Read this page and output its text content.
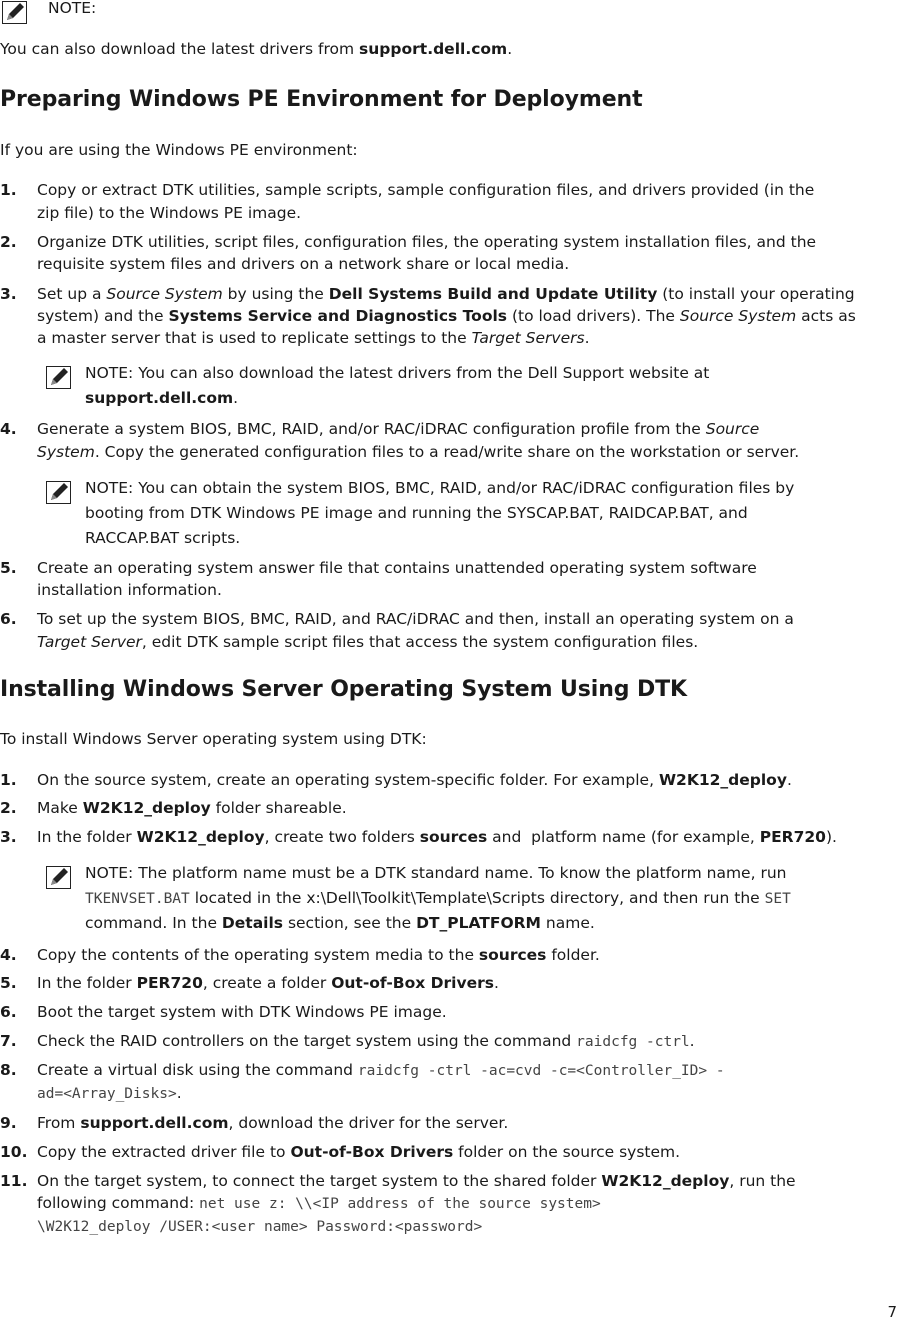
NOTE:

You can also download the latest drivers from support.dell.com.

Preparing Windows PE Environment for Deployment

If you are using the Windows PE environment:

1. Copy or extract DTK utilities, sample scripts, sample configuration files, and drivers provided (in the
zip file) to the Windows PE image.
2. Organize DTK utilities, script files, configuration files, the operating system installation files, and the
requisite system files and drivers on a network share or local media.
3. Set up a Source System by using the Dell Systems Build and Update Utility (to install your operating
system) and the Systems Service and Diagnostics Tools (to load drivers). The Source System acts as
a master server that is used to replicate settings to the Target Servers.
NOTE: You can also download the latest drivers from the Dell Support website at
support.dell.com.
4. Generate a system BIOS, BMC, RAID, and/or RAC/iDRAC configuration profile from the Source
System. Copy the generated configuration files to a read/write share on the workstation or server.
NOTE: You can obtain the system BIOS, BMC, RAID, and/or RAC/iDRAC configuration files by
booting from DTK Windows PE image and running the SYSCAP.BAT, RAIDCAP.BAT, and
RACCAP.BAT scripts.
5. Create an operating system answer file that contains unattended operating system software
installation information.
6. To set up the system BIOS, BMC, RAID, and RAC/iDRAC and then, install an operating system on a
Target Server, edit DTK sample script files that access the system configuration files.
Installing Windows Server Operating System Using DTK

To install Windows Server operating system using DTK:

1. On the source system, create an operating system-specific folder. For example, W2K12_deploy.
2. Make W2K12_deploy folder shareable.
3. In the folder W2K12_deploy, create two folders sources and  platform name (for example, PER720).
NOTE: The platform name must be a DTK standard name. To know the platform name, run
TKENVSET.BAT located in the x:\Dell\Toolkit\Template\Scripts directory, and then run the SET
command. In the Details section, see the DT_PLATFORM name.
4. Copy the contents of the operating system media to the sources folder.
5. In the folder PER720, create a folder Out-of-Box Drivers.
6. Boot the target system with DTK Windows PE image.
7. Check the RAID controllers on the target system using the command raidcfg -ctrl.
8. Create a virtual disk using the command raidcfg -ctrl -ac=cvd -c=<Controller_ID> -
ad=<Array_Disks>.
9. From support.dell.com, download the driver for the server.
10. Copy the extracted driver file to Out-of-Box Drivers folder on the source system.
11. On the target system, to connect the target system to the shared folder W2K12_deploy, run the
following command: net use z: \\<IP address of the source system>
\W2K12_deploy /USER:<user name> Password:<password>
7
